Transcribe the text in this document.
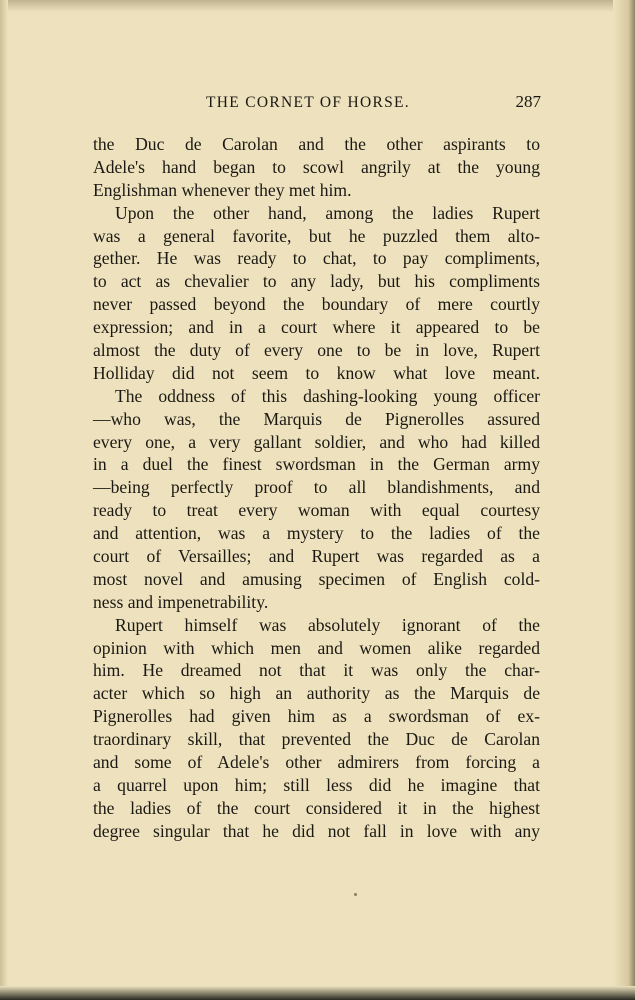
THE CORNET OF HORSE.	287
the Duc de Carolan and the other aspirants to
Adele's hand began to scowl angrily at the young
Englishman whenever they met him.
Upon the other hand, among the ladies Rupert
was a general favorite, but he puzzled them alto-
gether. He was ready to chat, to pay compliments,
to act as chevalier to any lady, but his compliments
never passed beyond the boundary of mere courtly
expression; and in a court where it appeared to be
almost the duty of every one to be in love, Rupert
Holliday did not seem to know what love meant.
The oddness of this dashing-looking young officer
—who was, the Marquis de Pignerolles assured
every one, a very gallant soldier, and who had killed
in a duel the finest swordsman in the German army
—being perfectly proof to all blandishments, and
ready to treat every woman with equal courtesy
and attention, was a mystery to the ladies of the
court of Versailles; and Rupert was regarded as a
most novel and amusing specimen of English cold-
ness and impenetrability.
Rupert himself was absolutely ignorant of the
opinion with which men and women alike regarded
him. He dreamed not that it was only the char-
acter which so high an authority as the Marquis de
Pignerolles had given him as a swordsman of ex-
traordinary skill, that prevented the Duc de Carolan
and some of Adele's other admirers from forcing a
a quarrel upon him; still less did he imagine that
the ladies of the court considered it in the highest
degree singular that he did not fall in love with any
